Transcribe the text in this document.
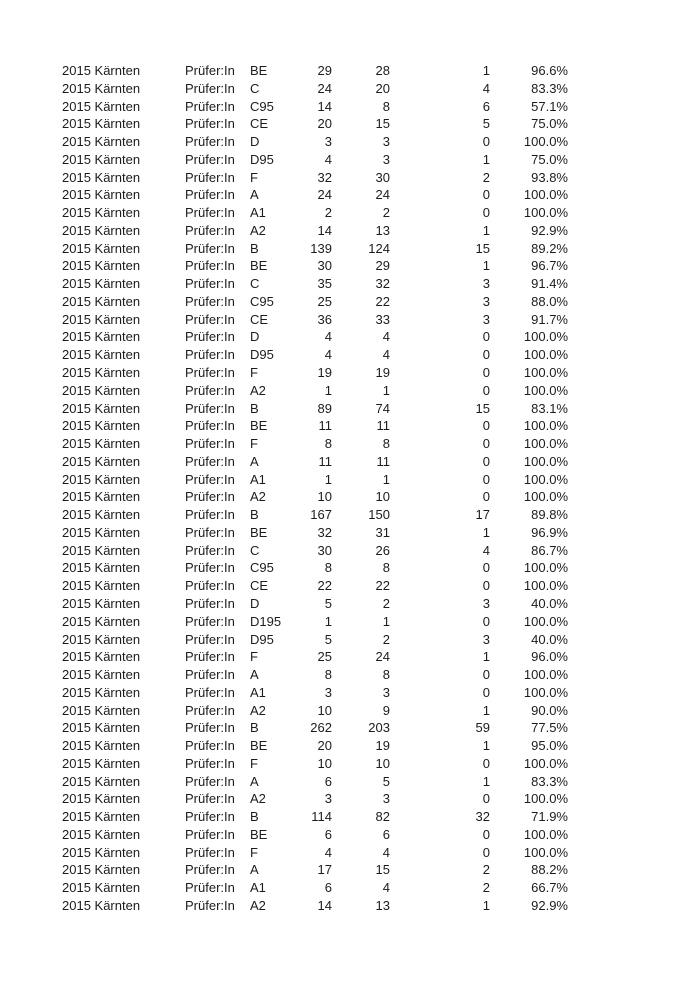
2015 Kärnten	Prüfer:In	BE	29	28	1	96.6%
2015 Kärnten	Prüfer:In	C	24	20	4	83.3%
2015 Kärnten	Prüfer:In	C95	14	8	6	57.1%
2015 Kärnten	Prüfer:In	CE	20	15	5	75.0%
2015 Kärnten	Prüfer:In	D	3	3	0	100.0%
2015 Kärnten	Prüfer:In	D95	4	3	1	75.0%
2015 Kärnten	Prüfer:In	F	32	30	2	93.8%
2015 Kärnten	Prüfer:In	A	24	24	0	100.0%
2015 Kärnten	Prüfer:In	A1	2	2	0	100.0%
2015 Kärnten	Prüfer:In	A2	14	13	1	92.9%
2015 Kärnten	Prüfer:In	B	139	124	15	89.2%
2015 Kärnten	Prüfer:In	BE	30	29	1	96.7%
2015 Kärnten	Prüfer:In	C	35	32	3	91.4%
2015 Kärnten	Prüfer:In	C95	25	22	3	88.0%
2015 Kärnten	Prüfer:In	CE	36	33	3	91.7%
2015 Kärnten	Prüfer:In	D	4	4	0	100.0%
2015 Kärnten	Prüfer:In	D95	4	4	0	100.0%
2015 Kärnten	Prüfer:In	F	19	19	0	100.0%
2015 Kärnten	Prüfer:In	A2	1	1	0	100.0%
2015 Kärnten	Prüfer:In	B	89	74	15	83.1%
2015 Kärnten	Prüfer:In	BE	11	11	0	100.0%
2015 Kärnten	Prüfer:In	F	8	8	0	100.0%
2015 Kärnten	Prüfer:In	A	11	11	0	100.0%
2015 Kärnten	Prüfer:In	A1	1	1	0	100.0%
2015 Kärnten	Prüfer:In	A2	10	10	0	100.0%
2015 Kärnten	Prüfer:In	B	167	150	17	89.8%
2015 Kärnten	Prüfer:In	BE	32	31	1	96.9%
2015 Kärnten	Prüfer:In	C	30	26	4	86.7%
2015 Kärnten	Prüfer:In	C95	8	8	0	100.0%
2015 Kärnten	Prüfer:In	CE	22	22	0	100.0%
2015 Kärnten	Prüfer:In	D	5	2	3	40.0%
2015 Kärnten	Prüfer:In	D195	1	1	0	100.0%
2015 Kärnten	Prüfer:In	D95	5	2	3	40.0%
2015 Kärnten	Prüfer:In	F	25	24	1	96.0%
2015 Kärnten	Prüfer:In	A	8	8	0	100.0%
2015 Kärnten	Prüfer:In	A1	3	3	0	100.0%
2015 Kärnten	Prüfer:In	A2	10	9	1	90.0%
2015 Kärnten	Prüfer:In	B	262	203	59	77.5%
2015 Kärnten	Prüfer:In	BE	20	19	1	95.0%
2015 Kärnten	Prüfer:In	F	10	10	0	100.0%
2015 Kärnten	Prüfer:In	A	6	5	1	83.3%
2015 Kärnten	Prüfer:In	A2	3	3	0	100.0%
2015 Kärnten	Prüfer:In	B	114	82	32	71.9%
2015 Kärnten	Prüfer:In	BE	6	6	0	100.0%
2015 Kärnten	Prüfer:In	F	4	4	0	100.0%
2015 Kärnten	Prüfer:In	A	17	15	2	88.2%
2015 Kärnten	Prüfer:In	A1	6	4	2	66.7%
2015 Kärnten	Prüfer:In	A2	14	13	1	92.9%
